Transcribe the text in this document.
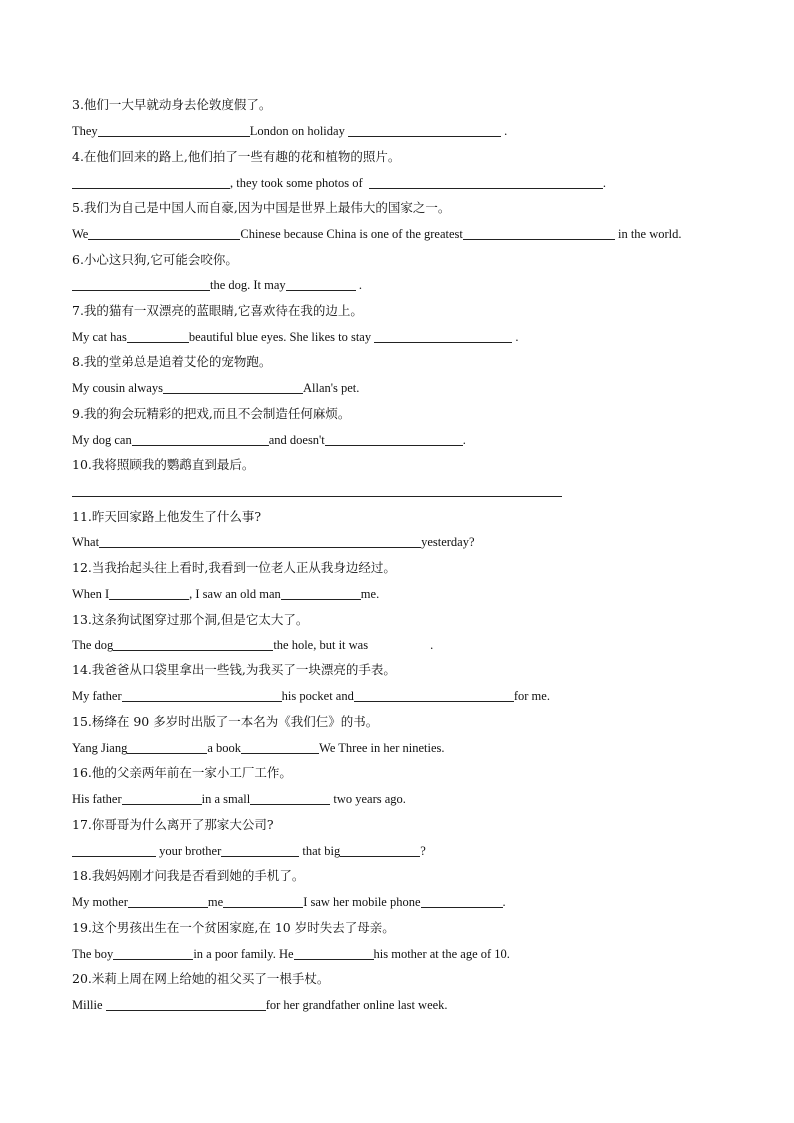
3.他们一大早就动身去伦敦度假了。
They	London on holiday	.
4.在他们回来的路上,他们拍了一些有趣的花和植物的照片。
, they took some photos of	.
5.我们为自己是中国人而自豪,因为中国是世界上最伟大的国家之一。
We	Chinese because China is one of the greatest	in the world.
6.小心这只狗,它可能会咬你。
the dog. It may	.
7.我的猫有一双漂亮的蓝眼睛,它喜欢待在我的边上。
My cat has	beautiful blue eyes. She likes to stay	.
8.我的堂弟总是追着艾伦的宠物跑。
My cousin always	Allan's pet.
9.我的狗会玩精彩的把戏,而且不会制造任何麻烦。
My dog can	and doesn't	.
10.我将照顾我的鹦鹉直到最后。
11.昨天回家路上他发生了什么事?
What	yesterday?
12.当我抬起头往上看时,我看到一位老人正从我身边经过。
When I	, I saw an old man	me.
13.这条狗试图穿过那个洞,但是它太大了。
The dog	the hole, but it was	.
14.我爸爸从口袋里拿出一些钱,为我买了一块漂亮的手表。
My father	his pocket and	for me.
15.杨绛在 90 多岁时出版了一本名为《我们仨》的书。
Yang Jiang	a book	We Three in her nineties.
16.他的父亲两年前在一家小工厂工作。
His father	in a small	two years ago.
17.你哥哥为什么离开了那家大公司?
your brother	that big	?
18.我妈妈刚才问我是否看到她的手机了。
My mother	me	I saw her mobile phone	.
19.这个男孩出生在一个贫困家庭,在 10 岁时失去了母亲。
The boy	in a poor family. He	his mother at the age of 10.
20.米莉上周在网上给她的祖父买了一根手杖。
Millie	for her grandfather online last week.
